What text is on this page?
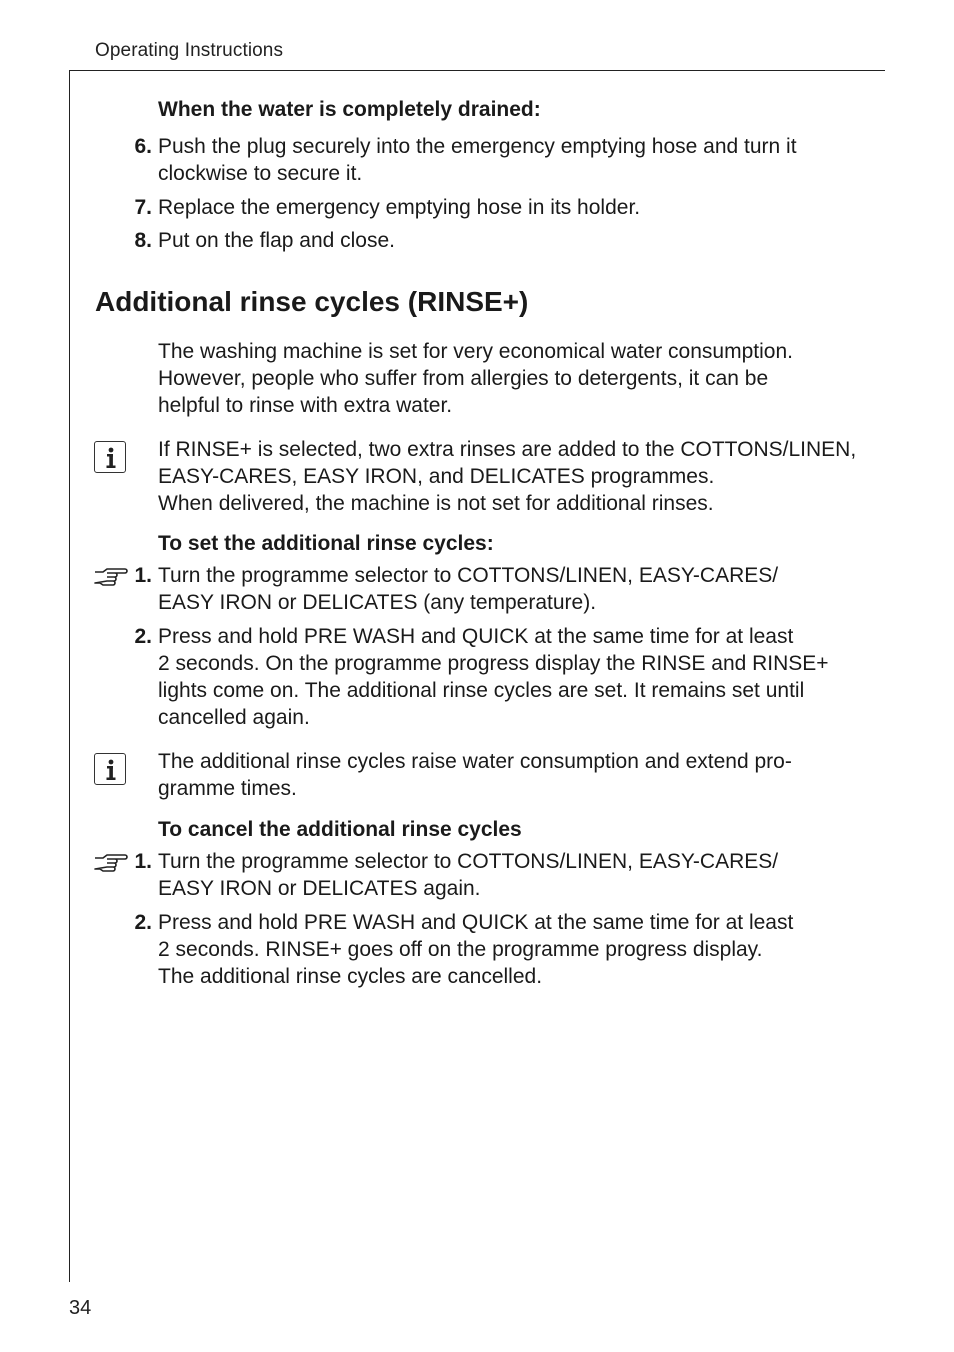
Operating Instructions
When the water is completely drained:
6. Push the plug securely into the emergency emptying hose and turn it
clockwise to secure it.
7. Replace the emergency emptying hose in its holder.
8. Put on the flap and close.
Additional rinse cycles (RINSE+)
The washing machine is set for very economical water consumption.
However, people who suffer from allergies to detergents, it can be
helpful to rinse with extra water.
If RINSE+ is selected, two extra rinses are added to the COTTONS/LINEN,
EASY-CARES, EASY IRON, and DELICATES programmes.
When delivered, the machine is not set for additional rinses.
To set the additional rinse cycles:
1. Turn the programme selector to COTTONS/LINEN, EASY-CARES/
EASY IRON or DELICATES (any temperature).
2. Press and hold PRE WASH and QUICK at the same time for at least
2 seconds. On the programme progress display the RINSE and RINSE+
lights come on. The additional rinse cycles are set. It remains set until
cancelled again.
The additional rinse cycles raise water consumption and extend pro-
gramme times.
To cancel the additional rinse cycles
1. Turn the programme selector to COTTONS/LINEN, EASY-CARES/
EASY IRON or DELICATES again.
2. Press and hold PRE WASH and QUICK at the same time for at least
2 seconds. RINSE+ goes off on the programme progress display.
The additional rinse cycles are cancelled.
34
